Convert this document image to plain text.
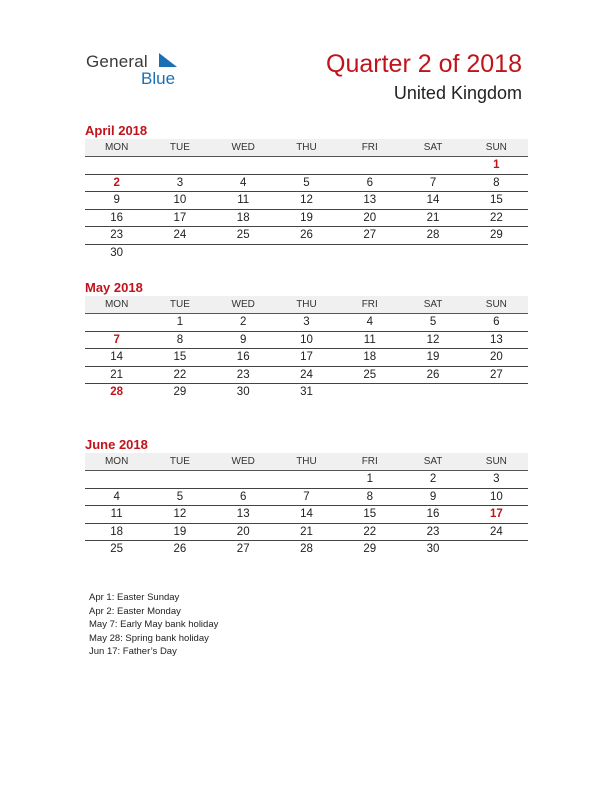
General
Blue
Quarter 2 of 2018
United Kingdom
April 2018
MON	TUE	WED	THU	FRI	SAT	SUN
						1
2	3	4	5	6	7	8
9	10	11	12	13	14	15
16	17	18	19	20	21	22
23	24	25	26	27	28	29
30						
May 2018
MON	TUE	WED	THU	FRI	SAT	SUN
	1	2	3	4	5	6
7	8	9	10	11	12	13
14	15	16	17	18	19	20
21	22	23	24	25	26	27
28	29	30	31			
June 2018
MON	TUE	WED	THU	FRI	SAT	SUN
				1	2	3
4	5	6	7	8	9	10
11	12	13	14	15	16	17
18	19	20	21	22	23	24
25	26	27	28	29	30	
Apr 1: Easter Sunday
Apr 2: Easter Monday
May 7: Early May bank holiday
May 28: Spring bank holiday
Jun 17: Father’s Day
